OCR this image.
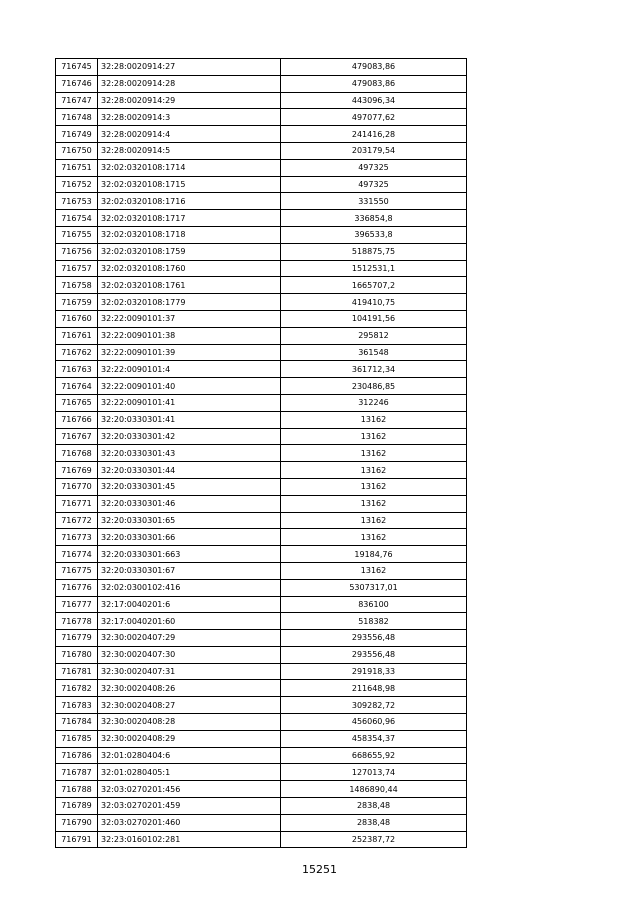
716745	32:28:0020914:27	479083,86
716746	32:28:0020914:28	479083,86
716747	32:28:0020914:29	443096,34
716748	32:28:0020914:3	497077,62
716749	32:28:0020914:4	241416,28
716750	32:28:0020914:5	203179,54
716751	32:02:0320108:1714	497325
716752	32:02:0320108:1715	497325
716753	32:02:0320108:1716	331550
716754	32:02:0320108:1717	336854,8
716755	32:02:0320108:1718	396533,8
716756	32:02:0320108:1759	518875,75
716757	32:02:0320108:1760	1512531,1
716758	32:02:0320108:1761	1665707,2
716759	32:02:0320108:1779	419410,75
716760	32:22:0090101:37	104191,56
716761	32:22:0090101:38	295812
716762	32:22:0090101:39	361548
716763	32:22:0090101:4	361712,34
716764	32:22:0090101:40	230486,85
716765	32:22:0090101:41	312246
716766	32:20:0330301:41	13162
716767	32:20:0330301:42	13162
716768	32:20:0330301:43	13162
716769	32:20:0330301:44	13162
716770	32:20:0330301:45	13162
716771	32:20:0330301:46	13162
716772	32:20:0330301:65	13162
716773	32:20:0330301:66	13162
716774	32:20:0330301:663	19184,76
716775	32:20:0330301:67	13162
716776	32:02:0300102:416	5307317,01
716777	32:17:0040201:6	836100
716778	32:17:0040201:60	518382
716779	32:30:0020407:29	293556,48
716780	32:30:0020407:30	293556,48
716781	32:30:0020407:31	291918,33
716782	32:30:0020408:26	211648,98
716783	32:30:0020408:27	309282,72
716784	32:30:0020408:28	456060,96
716785	32:30:0020408:29	458354,37
716786	32:01:0280404:6	668655,92
716787	32:01:0280405:1	127013,74
716788	32:03:0270201:456	1486890,44
716789	32:03:0270201:459	2838,48
716790	32:03:0270201:460	2838,48
716791	32:23:0160102:281	252387,72
15251
